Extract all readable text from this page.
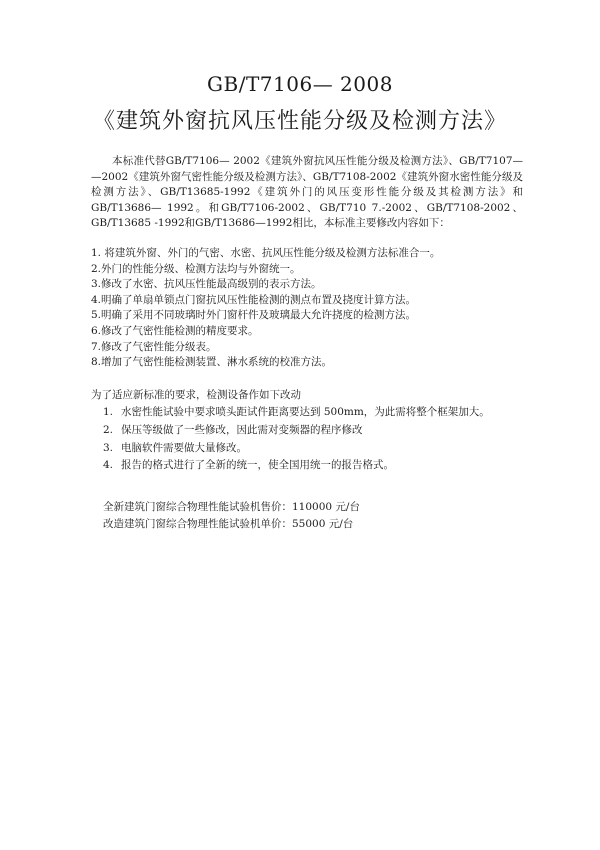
GB/T7106— 2008
《建筑外窗抗风压性能分级及检测方法》

本标准代替GB/T7106— 2002《建筑外窗抗风压性能分级及检测方法》、GB/T7107— —2002《建筑外窗气密性能分级及检测方法》、GB/T7108-2002《建筑外窗水密性能分级及检测方法》、GB/T13685-1992《建筑外门的风压变形性能分级及其检测方法》和GB/T13686— 1992。和GB/T7106-2002、GB/T710 7.-2002、GB/T7108-2002、GB/T13685 -1992和GB/T13686—1992相比，本标准主要修改内容如下：

1. 将建筑外窗、外门的气密、水密、抗风压性能分级及检测方法标准合一。
2.外门的性能分级、检测方法均与外窗统一。
3.修改了水密、抗风压性能最高级别的表示方法。
4.明确了单扇单锁点门窗抗风压性能检测的测点布置及挠度计算方法。
5.明确了采用不同玻璃时外门窗杆件及玻璃最大允许挠度的检测方法。
6.修改了气密性能检测的精度要求。
7.修改了气密性能分级表。
8.增加了气密性能检测装置、淋水系统的校准方法。
为了适应新标准的要求，检测设备作如下改动
1. 水密性能试验中要求喷头距试件距离要达到 500mm，为此需将整个框架加大。
2. 保压等级做了一些修改，因此需对变频器的程序修改
3. 电脑软件需要做大量修改。
4. 报告的格式进行了全新的统一，使全国用统一的报告格式。
全新建筑门窗综合物理性能试验机售价：110000 元/台
改造建筑门窗综合物理性能试验机单价：55000 元/台
